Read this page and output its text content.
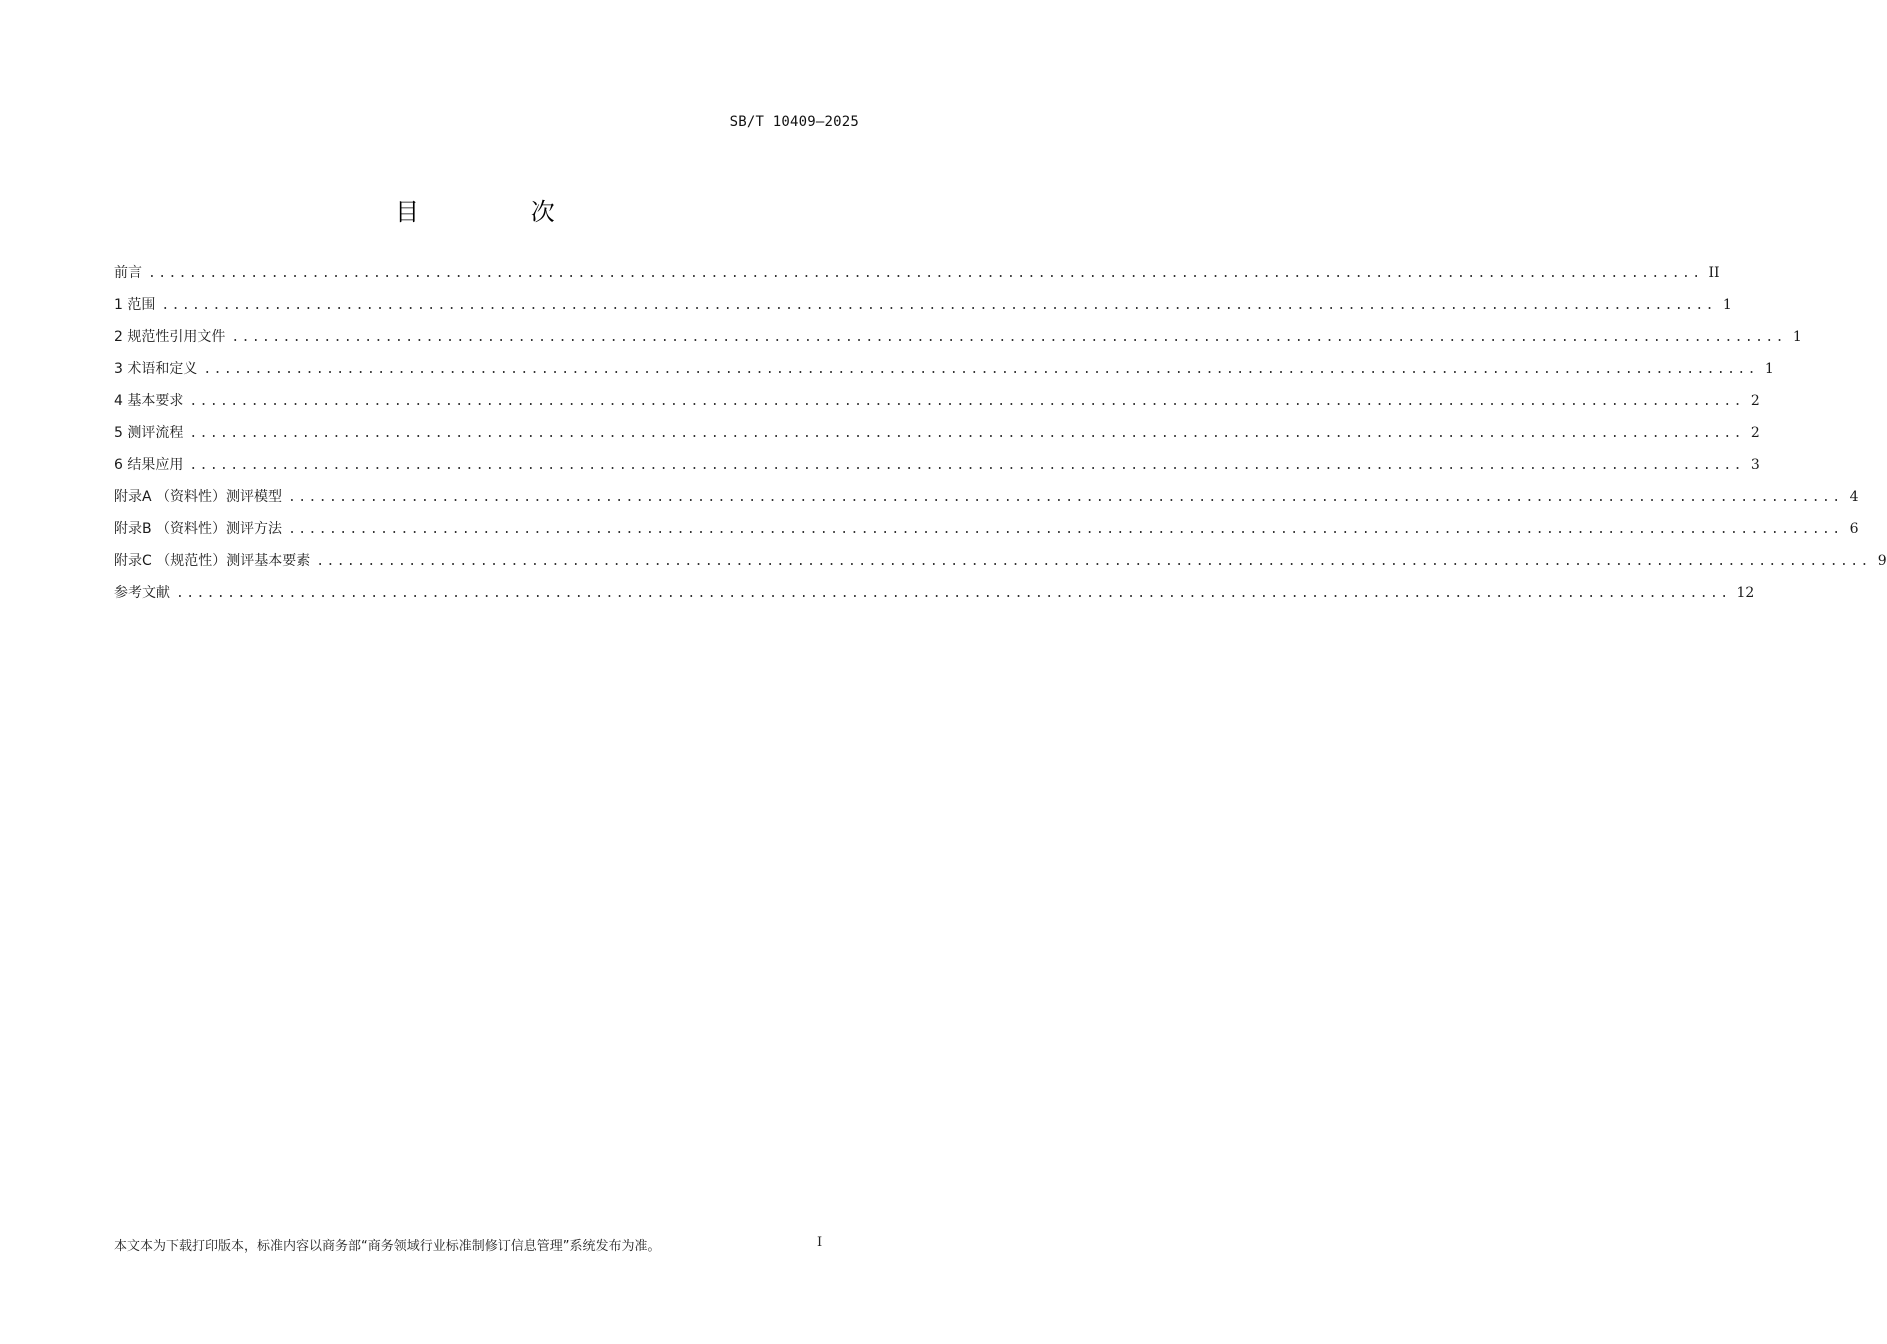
SB/T 10409—2025
目 次
前言 ........................................................................................................................................................ II
1 范围 ........................................................................................................................................................ 1
2 规范性引用文件 ........................................................................................................................................................ 1
3 术语和定义 ........................................................................................................................................................ 1
4 基本要求 ........................................................................................................................................................ 2
5 测评流程 ........................................................................................................................................................ 2
6 结果应用 ........................................................................................................................................................ 3
附录A （资料性）测评模型 ........................................................................................................................................................ 4
附录B （资料性）测评方法 ........................................................................................................................................................ 6
附录C （规范性）测评基本要素 ........................................................................................................................................................ 9
参考文献 ........................................................................................................................................................ 12
本文本为下载打印版本，标准内容以商务部“商务领域行业标准制修订信息管理”系统发布为准。	I
